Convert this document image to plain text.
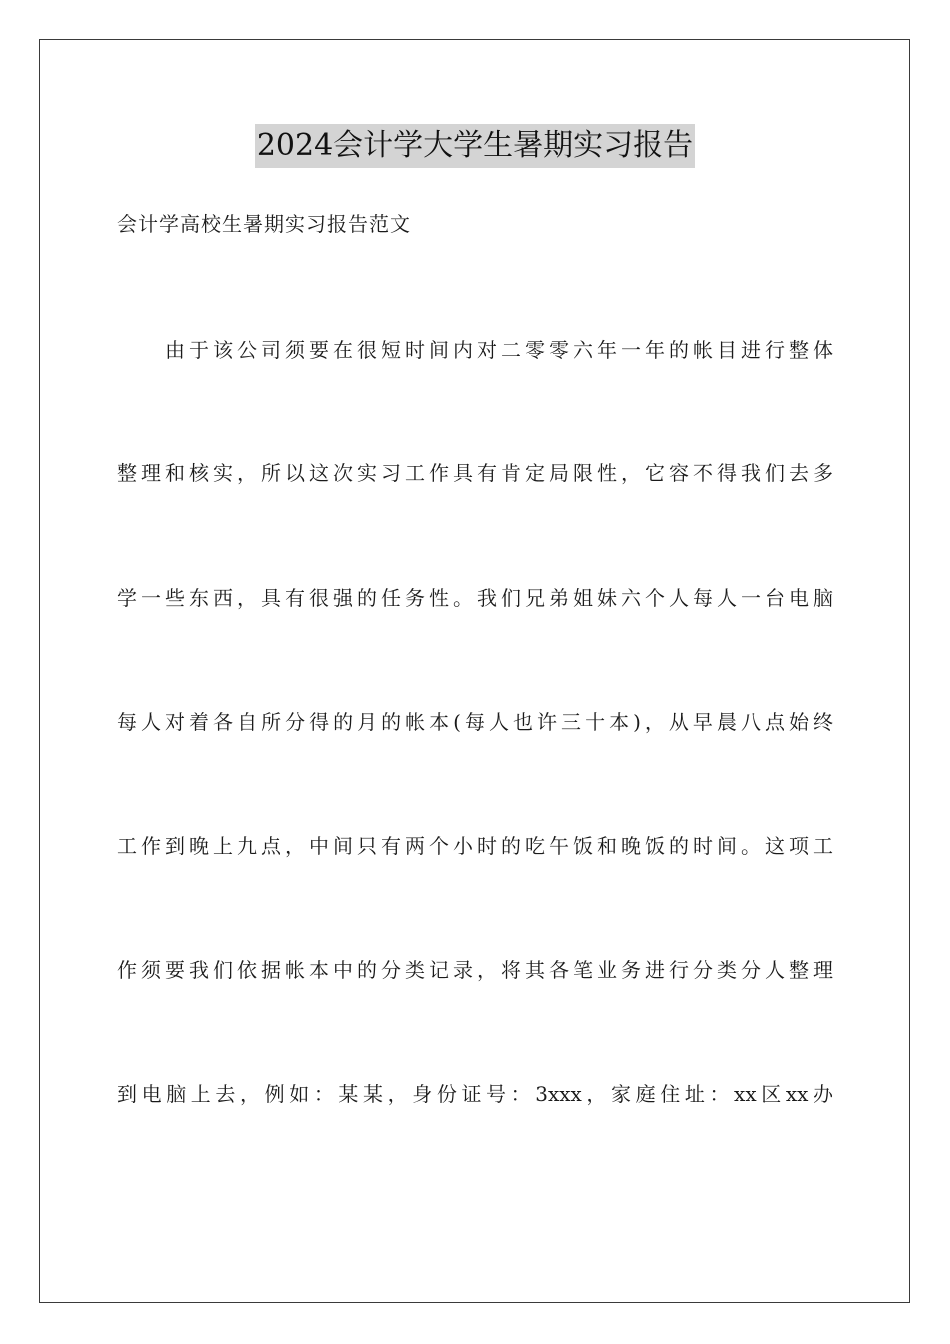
2024会计学大学生暑期实习报告
会计学高校生暑期实习报告范文
由于该公司须要在很短时间内对二零零六年一年的帐目进行整体
整理和核实，所以这次实习工作具有肯定局限性，它容不得我们去多
学一些东西，具有很强的任务性。我们兄弟姐妹六个人每人一台电脑
每人对着各自所分得的月的帐本(每人也许三十本)，从早晨八点始终
工作到晚上九点，中间只有两个小时的吃午饭和晚饭的时间。这项工
作须要我们依据帐本中的分类记录，将其各笔业务进行分类分人整理
到电脑上去，例如：某某，身份证号：3xxx，家庭住址：xx区xx办
